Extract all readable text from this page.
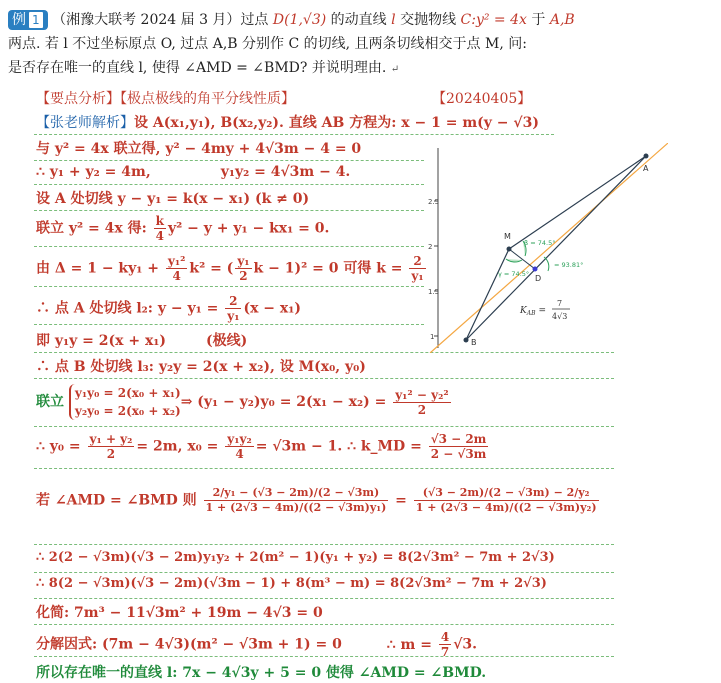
例 1 （湘豫大联考 2024 届 3 月）过点 D(1,√3) 的动直线 l 交抛物线 C:y² = 4x 于 A,B
两点. 若 l 不过坐标原点 O, 过点 A,B 分别作 C 的切线, 且两条切线相交于点 M, 问:
是否存在唯一的直线 l, 使得 ∠AMD = ∠BMD? 并说明理由. ↵
【要点分析】【极点极线的角平分线性质】	【20240405】
【张老师解析】设 A(x₁,y₁), B(x₂,y₂). 直线 AB 方程为: x − 1 = m(y − √3)
与 y² = 4x 联立得, y² − 4my + 4√3m − 4 = 0
∴ y₁ + y₂ = 4m,	y₁y₂ = 4√3m − 4.
设 A 处切线 y − y₁ = k(x − x₁) (k ≠ 0)
联立 y² = 4x 得: $\frac{k}{4} y^2 - y + y_1 - kx_1 = 0$.
由 $\Delta = 1 - ky_1 + \frac{\text{y₁²}}{4} k^2$ = ( $\frac{\text{y₁}}{2}$ k − 1)² = 0 可得 $k = \frac{2}{\text{y₁}}$
∴ 点 A 处切线 l₂: $y - y_1 = \frac{2}{\text{y₁}} (x - x_1)$
即 y₁y = 2(x + x₁)	(极线)
∴ 点 B 处切线 l₃: y₂y = 2(x + x₂), 设 M(x₀, y₀)
联立
y₁y₀ = 2(x₀ + x₁)
y₂y₀ = 2(x₀ + x₂)
⇒ $(y_1 - y_2)y_0 = 2(x_1 - x_2) = \frac{\text{y₁² − y₂²}}{2}$
∴ $y_0 = \frac{\text{y₁ + y₂}}{2} = 2m$, $x_0 = \frac{\text{y₁y₂}}{4} = √3m - 1$. ∴ k_MD = $\frac{√3 - 2m}{2 - √3m}$
若 ∠AMD = ∠BMD 则 $\frac{\text{2/y₁ − (√3 − 2m)/(2 − √3m)}}{\text{1 + (2√3 − 4m)/((2 − √3m)y₁)}} = \frac{\text{(√3 − 2m)/(2 − √3m) − 2/y₂}}{\text{1 + (2√3 − 4m)/((2 − √3m)y₂)}}$
∴ 2(2 − √3m)(√3 − 2m)y₁y₂ + 2(m² − 1)(y₁ + y₂) = 8(2√3m² − 7m + 2√3)
∴ 8(2 − √3m)(√3 − 2m)(√3m − 1) + 8(m³ − m) = 8(2√3m² − 7m + 2√3)
化简: 7m³ − 11√3m² + 19m − 4√3 = 0
分解因式: (7m − 4√3)(m² − √3m + 1) = 0	∴ $m = \frac{4}{7} √3$.
所以存在唯一的直线 l: 7x − 4√3y + 5 = 0 使得 ∠AMD = ∠BMD.
2.5
2
1.5
1
A
B
M
D
β = 74.5°
γ = 74.5°
= 93.81°
$K_{AB}$ =
7
4√3
